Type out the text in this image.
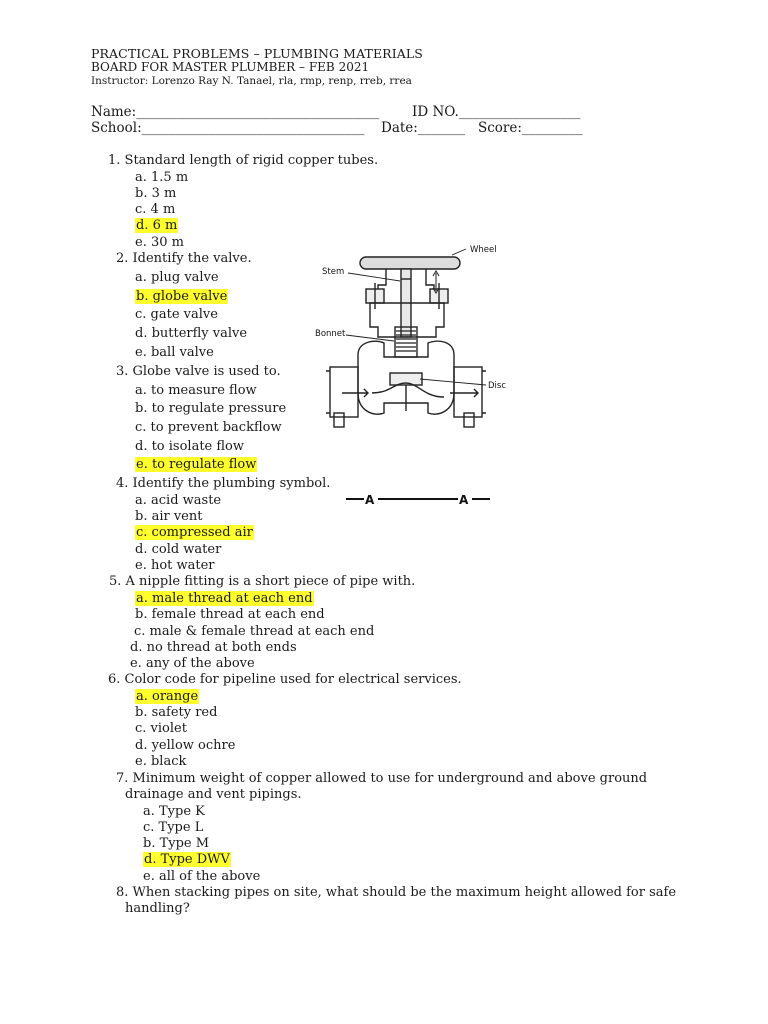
PRACTICAL PROBLEMS – PLUMBING MATERIALS
BOARD FOR MASTER PLUMBER – FEB 2021
Instructor: Lorenzo Ray N. Tanael, rla, rmp, renp, rreb, rrea
Name:____________________________________ ID NO.__________________
School:_________________________________ Date:_______ Score:_________
1. Standard length of rigid copper tubes.
a. 1.5 m
b. 3 m
c. 4 m
d. 6 m
e. 30 m
2. Identify the valve.
a. plug valve
b. globe valve
c. gate valve
d. butterfly valve
e. ball valve
3. Globe valve is used to.
a. to measure flow
b. to regulate pressure
c. to prevent backflow
d. to isolate flow
e. to regulate flow
4. Identify the plumbing symbol.
a. acid waste
b. air vent
c. compressed air
d. cold water
e. hot water
5. A nipple fitting is a short piece of pipe with.
a. male thread at each end
b. female thread at each end
c. male & female thread at each end
d. no thread at both ends
e. any of the above
6. Color code for pipeline used for electrical services.
a. orange
b. safety red
c. violet
d. yellow ochre
e. black
7. Minimum weight of copper allowed to use for underground and above ground
drainage and vent pipings.
a. Type K
c. Type L
b. Type M
d. Type DWV
e. all of the above
8. When stacking pipes on site, what should be the maximum height allowed for safe
handling?
Wheel
Stem
Bonnet
Disc
A	A
